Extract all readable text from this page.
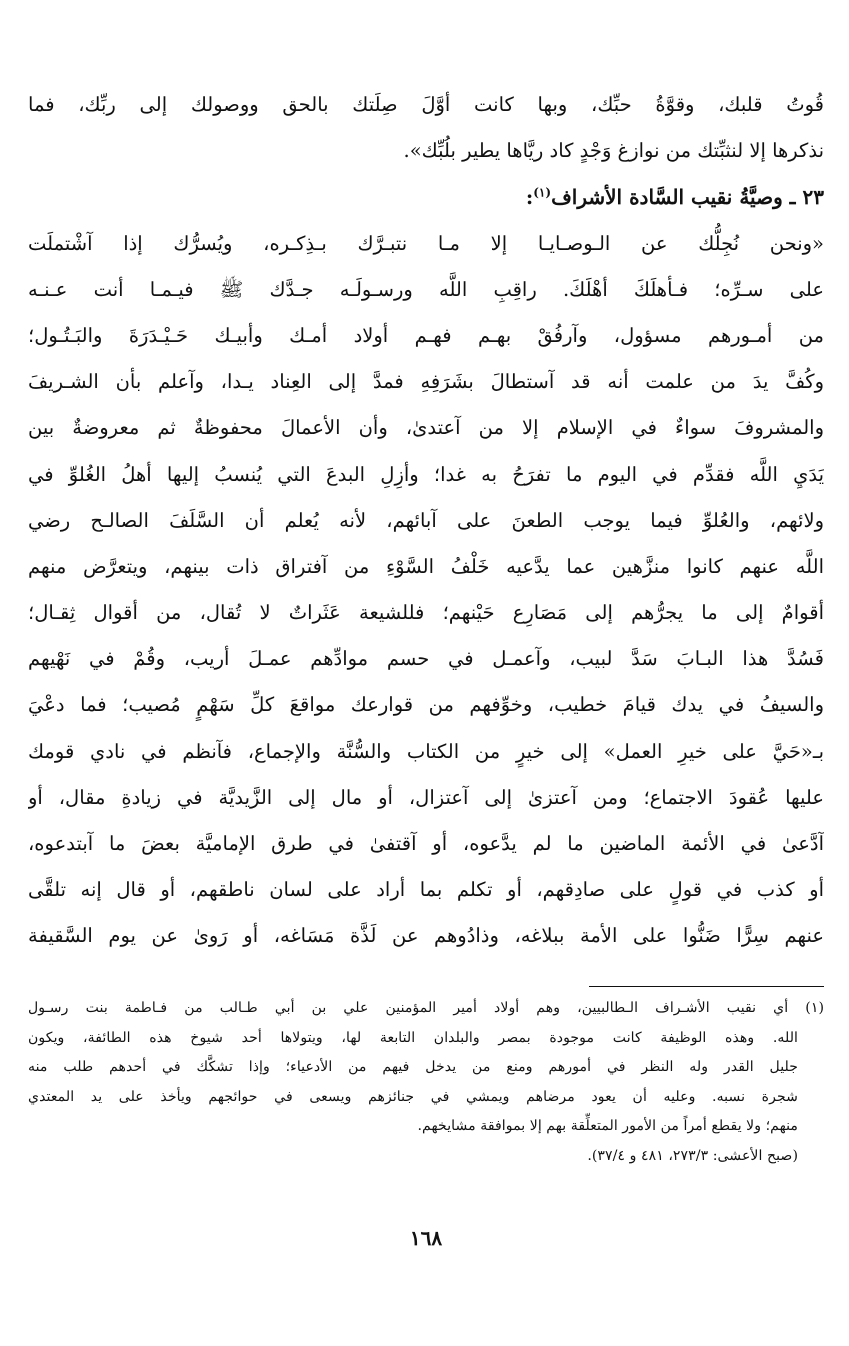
قُوتُ قلبك، وقوَّةُ حبِّك، وبها كانت أوَّلَ صِلَتك بالحق ووصولك إلى ربِّك، فما
نذكرها إلا لنثبِّتك من نوازغ وَجْدٍ كاد ريَّاها يطير بلُبِّك».
٢٣ ـ وصيَّةُ نقيب السَّادة الأشراف$^{(١)}$:
«ونحن نُجِلُّك عن الـوصـايـا إلا مـا نتبـرَّك بـذِكـره، ويُسرُّك إذا آشْتملَت
على سـرِّه؛ فـأهلَكَ أهْلَكَ. راقِبِ اللَّه ورسـولَـه جـدَّك ﷺ فيـمـا أنت عـنـه
من أمـورهم مسؤول، وآرفُقْ بهـم فهـم أولاد أمـك وأبيـك حَـيْـدَرَةَ والبَـتُـول؛
وكُفَّ يدَ من علمت أنه قد آستطالَ بشَرَفِهِ فمدَّ إلى العِناد يـدا، وآعلم بأن الشـريفَ
والمشروفَ سواءٌ في الإسلام إلا من آعتدىٰ، وأن الأعمالَ محفوظةٌ ثم معروضةٌ بين
يَدَيِ اللَّه فقدِّم في اليوم ما تفرَحُ به غدا؛ وأزِلِ البدعَ التي يُنسبُ إليها أهلُ الغُلوِّ في
ولائهم، والعُلوِّ فيما يوجب الطعنَ على آبائهم، لأنه يُعلم أن السَّلَفَ الصالـح رضي
اللَّه عنهم كانوا منزَّهين عما يدَّعيه خَلْفُ السَّوْءِ من آفتراق ذات بينهم، ويتعرَّض منهم
أقوامٌ إلى ما يجرُّهم إلى مَصَارِع حَيْنهم؛ فللشيعة عَثَراتٌ لا تُقال، من أقوال ثِقـال؛
فَسُدَّ هذا البـابَ سَدَّ لبيب، وآعمـل في حسم موادِّهم عمـلَ أريب، وقُمْ في نَهْيهم
والسيفُ في يدك قيامَ خطيب، وخوِّفهم من قوارعك مواقعَ كلِّ سَهْمٍ مُصيب؛ فما دعْيَ
بـ«حَيَّ على خيرِ العمل» إلى خيرٍ من الكتاب والسُّنَّة والإجماع، فآنظم في نادي قومك
عليها عُقودَ الاجتماع؛ ومن آعتزىٰ إلى آعتزال، أو مال إلى الزَّيديَّة في زيادةِ مقال، أو
آدَّعىٰ في الأئمة الماضين ما لم يدَّعوه، أو آقتفىٰ في طرق الإماميَّة بعضَ ما آبتدعوه،
أو كذب في قولٍ على صادِقهم، أو تكلم بما أراد على لسان ناطقهم، أو قال إنه تلقَّى
عنهم سِرًّا ضَنُّوا على الأمة ببلاغه، وذادُوهم عن لَذَّة مَسَاغه، أو رَوىٰ عن يوم السَّقيفة
(١) أي نقيب الأشـراف الـطالبيين، وهم أولاد أمير المؤمنين علي بن أبي طـالب من فـاطمة بنت رسـول
الله. وهذه الوظيفة كانت موجودة بمصر والبلدان التابعة لها، ويتولاها أحد شيوخ هذه الطائفة، ويكون
جليل القدر وله النظر في أمورهم ومنع من يدخل فيهم من الأدعياء؛ وإذا تشكَّك في أحدهم طلب منه
شجرة نسبه. وعليه أن يعود مرضاهم ويمشي في جنائزهم ويسعى في حوائجهم ويأخذ على يد المعتدي
منهم؛ ولا يقطع أمراً من الأمور المتعلِّقة بهم إلا بموافقة مشايخهم.
(صبح الأعشى: ٢٧٣/٣، ٤٨١ و ٣٧/٤).
١٦٨
